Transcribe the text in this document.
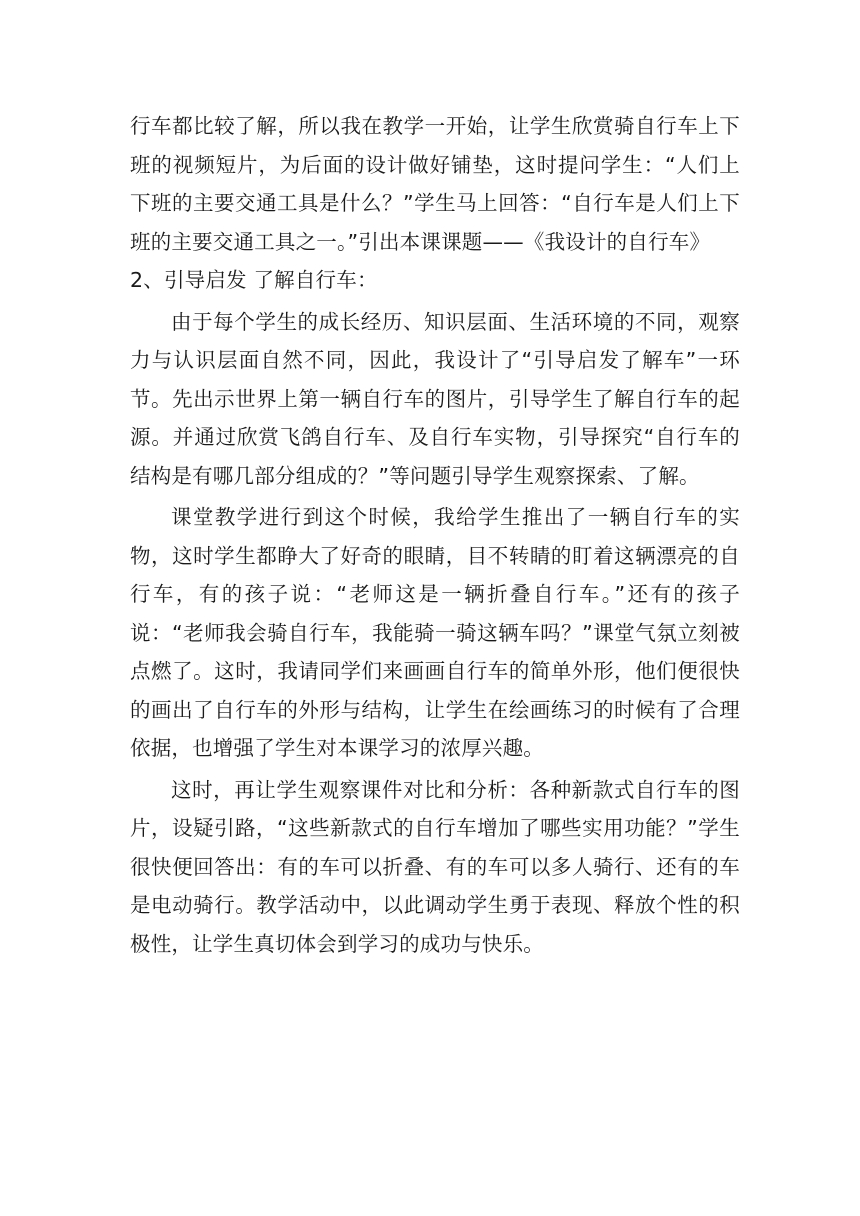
行车都比较了解，所以我在教学一开始，让学生欣赏骑自行车上下班的视频短片，为后面的设计做好铺垫，这时提问学生：“人们上下班的主要交通工具是什么？”学生马上回答：“自行车是人们上下班的主要交通工具之一。”引出本课课题——《我设计的自行车》

2、引导启发 了解自行车：

由于每个学生的成长经历、知识层面、生活环境的不同，观察力与认识层面自然不同，因此，我设计了“引导启发了解车”一环节。先出示世界上第一辆自行车的图片，引导学生了解自行车的起源。并通过欣赏飞鸽自行车、及自行车实物，引导探究“自行车的结构是有哪几部分组成的？”等问题引导学生观察探索、了解。

课堂教学进行到这个时候，我给学生推出了一辆自行车的实物，这时学生都睁大了好奇的眼睛，目不转睛的盯着这辆漂亮的自行车，有的孩子说：“老师这是一辆折叠自行车。”还有的孩子说：“老师我会骑自行车，我能骑一骑这辆车吗？”课堂气氛立刻被点燃了。这时，我请同学们来画画自行车的简单外形，他们便很快的画出了自行车的外形与结构，让学生在绘画练习的时候有了合理依据，也增强了学生对本课学习的浓厚兴趣。

这时，再让学生观察课件对比和分析：各种新款式自行车的图片，设疑引路，“这些新款式的自行车增加了哪些实用功能？”学生很快便回答出：有的车可以折叠、有的车可以多人骑行、还有的车是电动骑行。教学活动中，以此调动学生勇于表现、释放个性的积极性，让学生真切体会到学习的成功与快乐。
